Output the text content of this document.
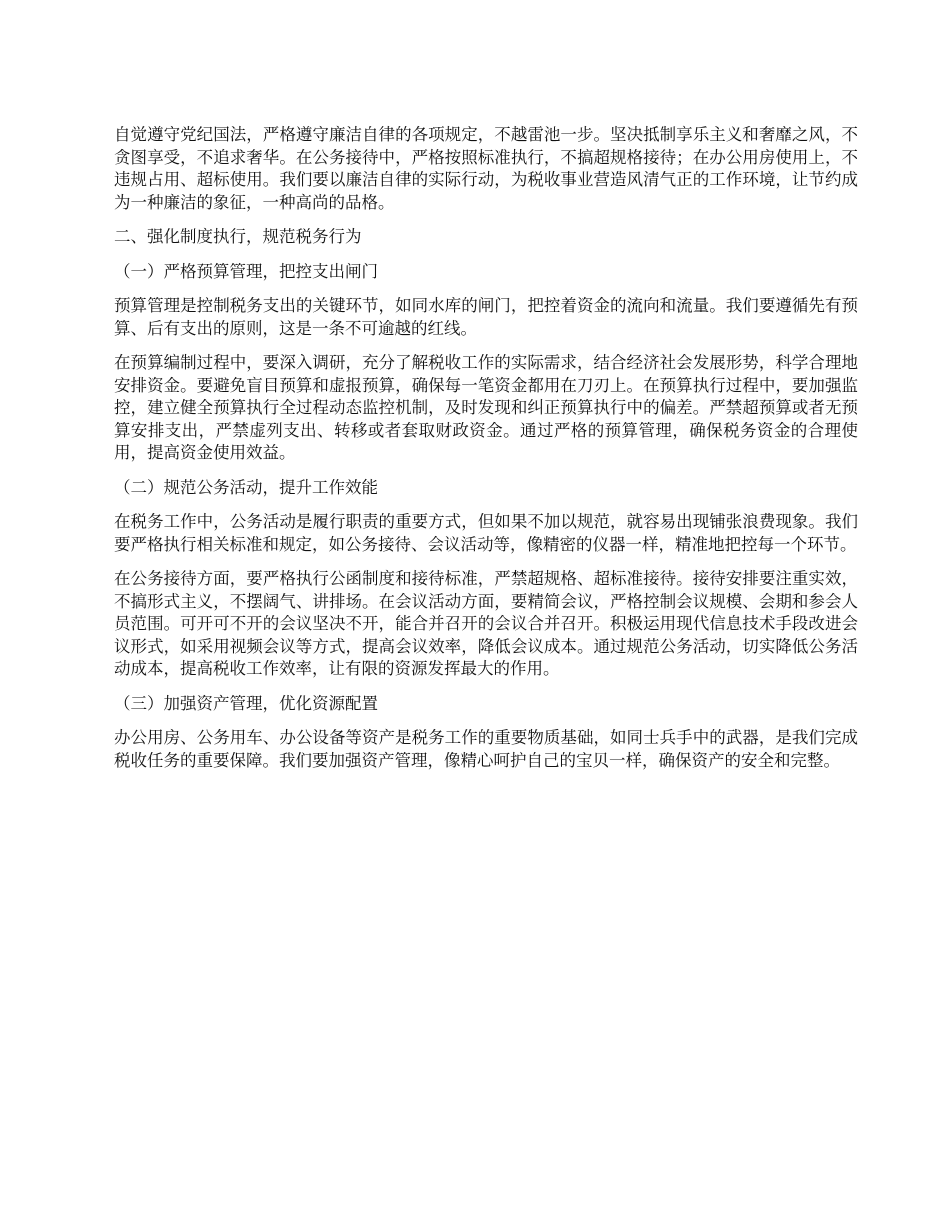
自觉遵守党纪国法，严格遵守廉洁自律的各项规定，不越雷池一步。坚决抵制享乐主义和奢靡之风，不贪图享受，不追求奢华。在公务接待中，严格按照标准执行，不搞超规格接待；在办公用房使用上，不违规占用、超标使用。我们要以廉洁自律的实际行动，为税收事业营造风清气正的工作环境，让节约成为一种廉洁的象征，一种高尚的品格。

二、强化制度执行，规范税务行为

（一）严格预算管理，把控支出闸门

预算管理是控制税务支出的关键环节，如同水库的闸门，把控着资金的流向和流量。我们要遵循先有预算、后有支出的原则，这是一条不可逾越的红线。

在预算编制过程中，要深入调研，充分了解税收工作的实际需求，结合经济社会发展形势，科学合理地安排资金。要避免盲目预算和虚报预算，确保每一笔资金都用在刀刃上。在预算执行过程中，要加强监控，建立健全预算执行全过程动态监控机制，及时发现和纠正预算执行中的偏差。严禁超预算或者无预算安排支出，严禁虚列支出、转移或者套取财政资金。通过严格的预算管理，确保税务资金的合理使用，提高资金使用效益。

（二）规范公务活动，提升工作效能

在税务工作中，公务活动是履行职责的重要方式，但如果不加以规范，就容易出现铺张浪费现象。我们要严格执行相关标准和规定，如公务接待、会议活动等，像精密的仪器一样，精准地把控每一个环节。

在公务接待方面，要严格执行公函制度和接待标准，严禁超规格、超标准接待。接待安排要注重实效，不搞形式主义，不摆阔气、讲排场。在会议活动方面，要精简会议，严格控制会议规模、会期和参会人员范围。可开可不开的会议坚决不开，能合并召开的会议合并召开。积极运用现代信息技术手段改进会议形式，如采用视频会议等方式，提高会议效率，降低会议成本。通过规范公务活动，切实降低公务活动成本，提高税收工作效率，让有限的资源发挥最大的作用。

（三）加强资产管理，优化资源配置

办公用房、公务用车、办公设备等资产是税务工作的重要物质基础，如同士兵手中的武器，是我们完成税收任务的重要保障。我们要加强资产管理，像精心呵护自己的宝贝一样，确保资产的安全和完整。
